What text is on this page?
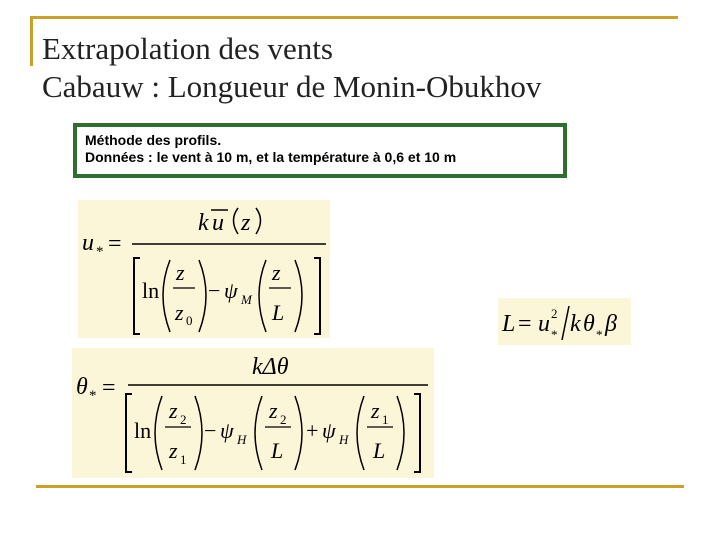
Extrapolation des vents
Cabauw : Longueur de Monin-Obukhov
Méthode des profils.
Données : le vent à 10 m, et la température à 0,6 et 10 m
u * =
k u z
ln
z
z 0
− ψ M
z
L	L = u 2
* k θ * β
θ * =
kΔθ
ln
z 2
z 1
− ψ H
z 2
L
+ ψ H
z 1
L
